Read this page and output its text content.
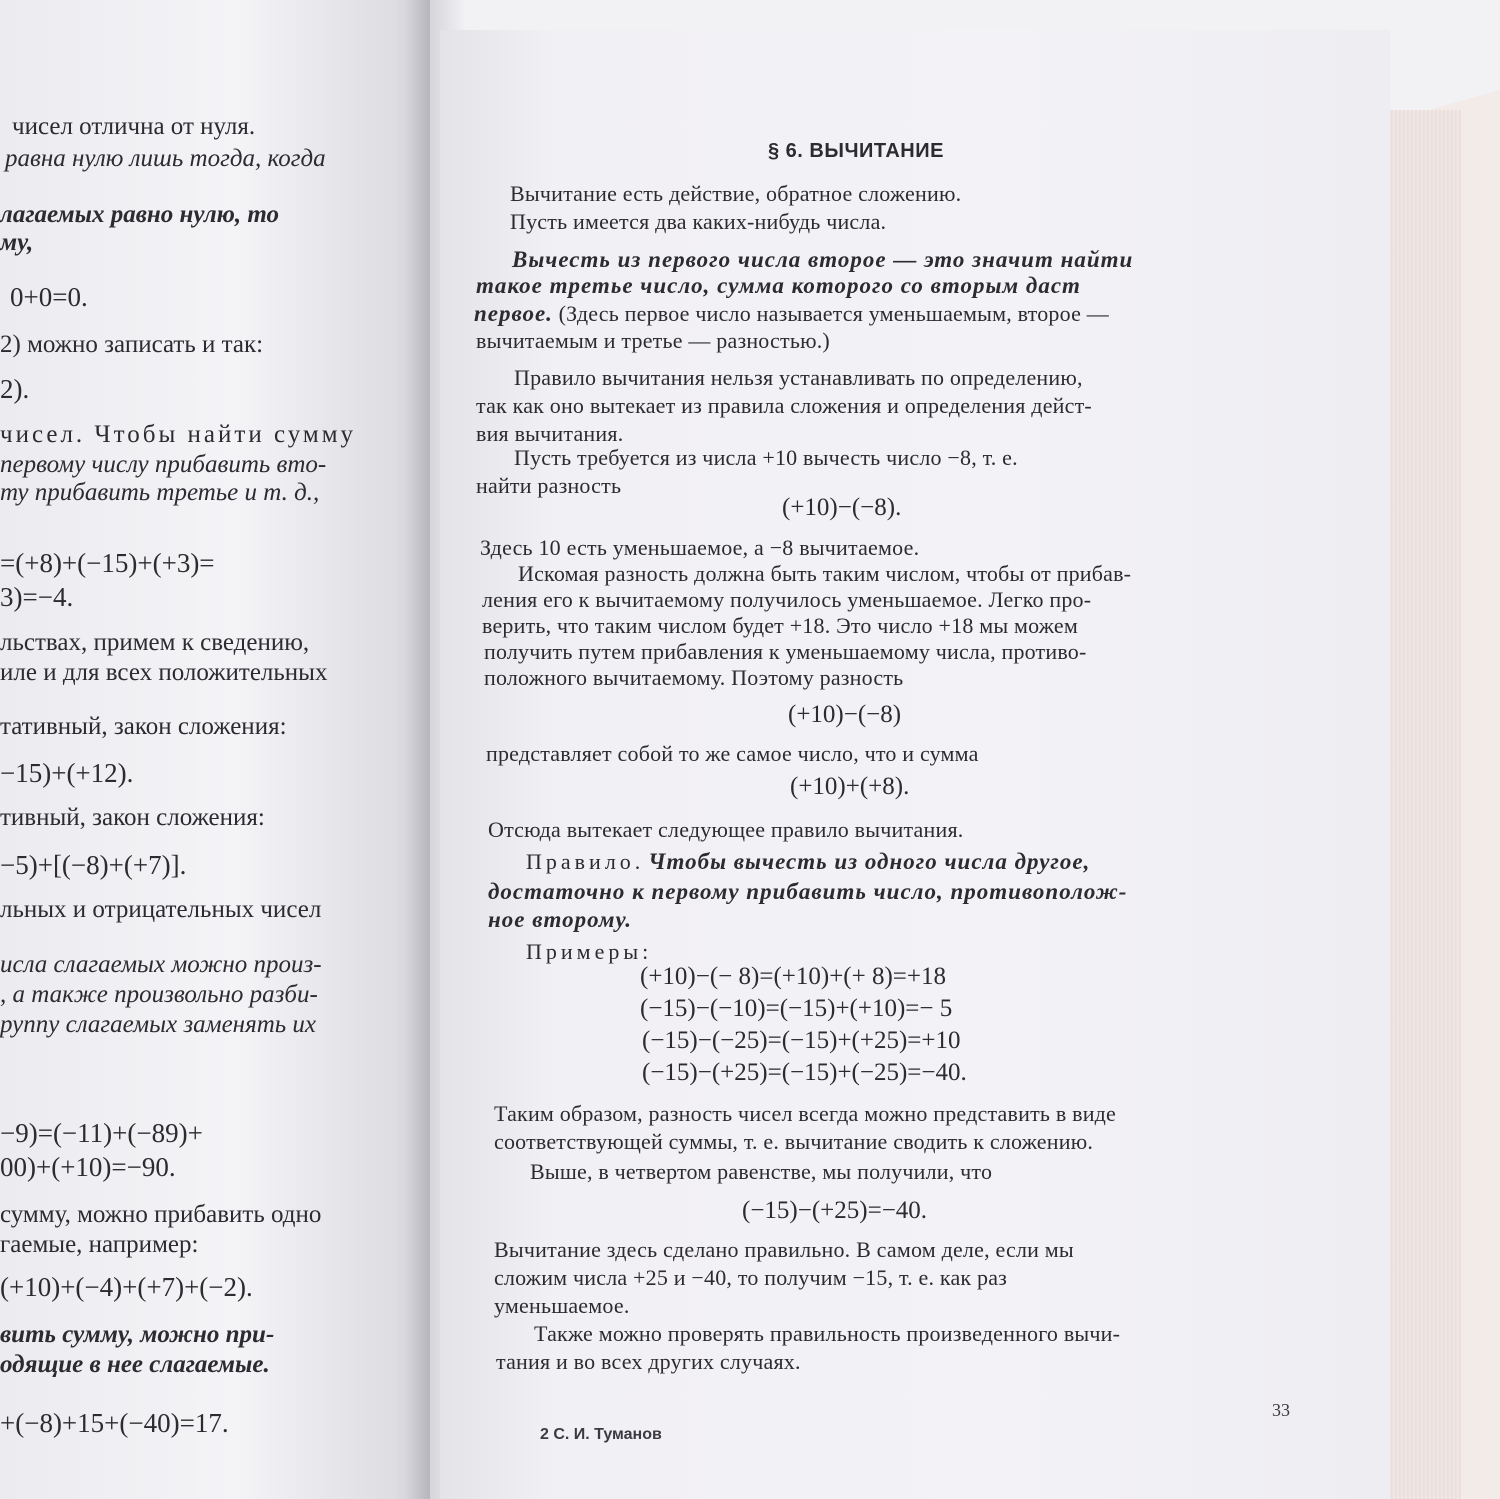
чисел отлична от нуля.
равна нулю лишь тогда, когда
лагаемых равно нулю, то
му,
0+0=0.
2) можно записать и так:
2).
чисел. Чтобы найти сумму
первому числу прибавить вто-
ту прибавить третье и т. д.,
=(+8)+(−15)+(+3)=
3)=−4.
льствах, примем к сведению,
иле и для всех положительных
тативный, закон сложения:
−15)+(+12).
тивный, закон сложения:
−5)+[(−8)+(+7)].
льных и отрицательных чисел
исла слагаемых можно произ-
, а также произвольно разби-
руппу слагаемых заменять их
−9)=(−11)+(−89)+
00)+(+10)=−90.
сумму, можно прибавить одно
гаемые, например:
(+10)+(−4)+(+7)+(−2).
вить сумму, можно при-
одящие в нее слагаемые.
+(−8)+15+(−40)=17.
§ 6. ВЫЧИТАНИЕ
Вычитание есть действие, обратное сложению.
Пусть имеется два каких-нибудь числа.
Вычесть из первого числа второе — это значит найти
такое третье число, сумма которого со вторым даст
первое. (Здесь первое число называется уменьшаемым, второе —
вычитаемым и третье — разностью.)
Правило вычитания нельзя устанавливать по определению,
так как оно вытекает из правила сложения и определения дейст-
вия вычитания.
Пусть требуется из числа +10 вычесть число −8, т. е.
найти разность
(+10)−(−8).
Здесь 10 есть уменьшаемое, а −8 вычитаемое.
Искомая разность должна быть таким числом, чтобы от прибав-
ления его к вычитаемому получилось уменьшаемое. Легко про-
верить, что таким числом будет +18. Это число +18 мы можем
получить путем прибавления к уменьшаемому числа, противо-
положного вычитаемому. Поэтому разность
(+10)−(−8)
представляет собой то же самое число, что и сумма
(+10)+(+8).
Отсюда вытекает следующее правило вычитания.
Правило. Чтобы вычесть из одного числа другое,
достаточно к первому прибавить число, противополож-
ное второму.
Примеры:
(+10)−(− 8)=(+10)+(+ 8)=+18
(−15)−(−10)=(−15)+(+10)=− 5
(−15)−(−25)=(−15)+(+25)=+10
(−15)−(+25)=(−15)+(−25)=−40.
Таким образом, разность чисел всегда можно представить в виде
соответствующей суммы, т. е. вычитание сводить к сложению.
Выше, в четвертом равенстве, мы получили, что
(−15)−(+25)=−40.
Вычитание здесь сделано правильно. В самом деле, если мы
сложим числа +25 и −40, то получим −15, т. е. как раз
уменьшаемое.
Также можно проверять правильность произведенного вычи-
тания и во всех других случаях.
33
2 С. И. Туманов
